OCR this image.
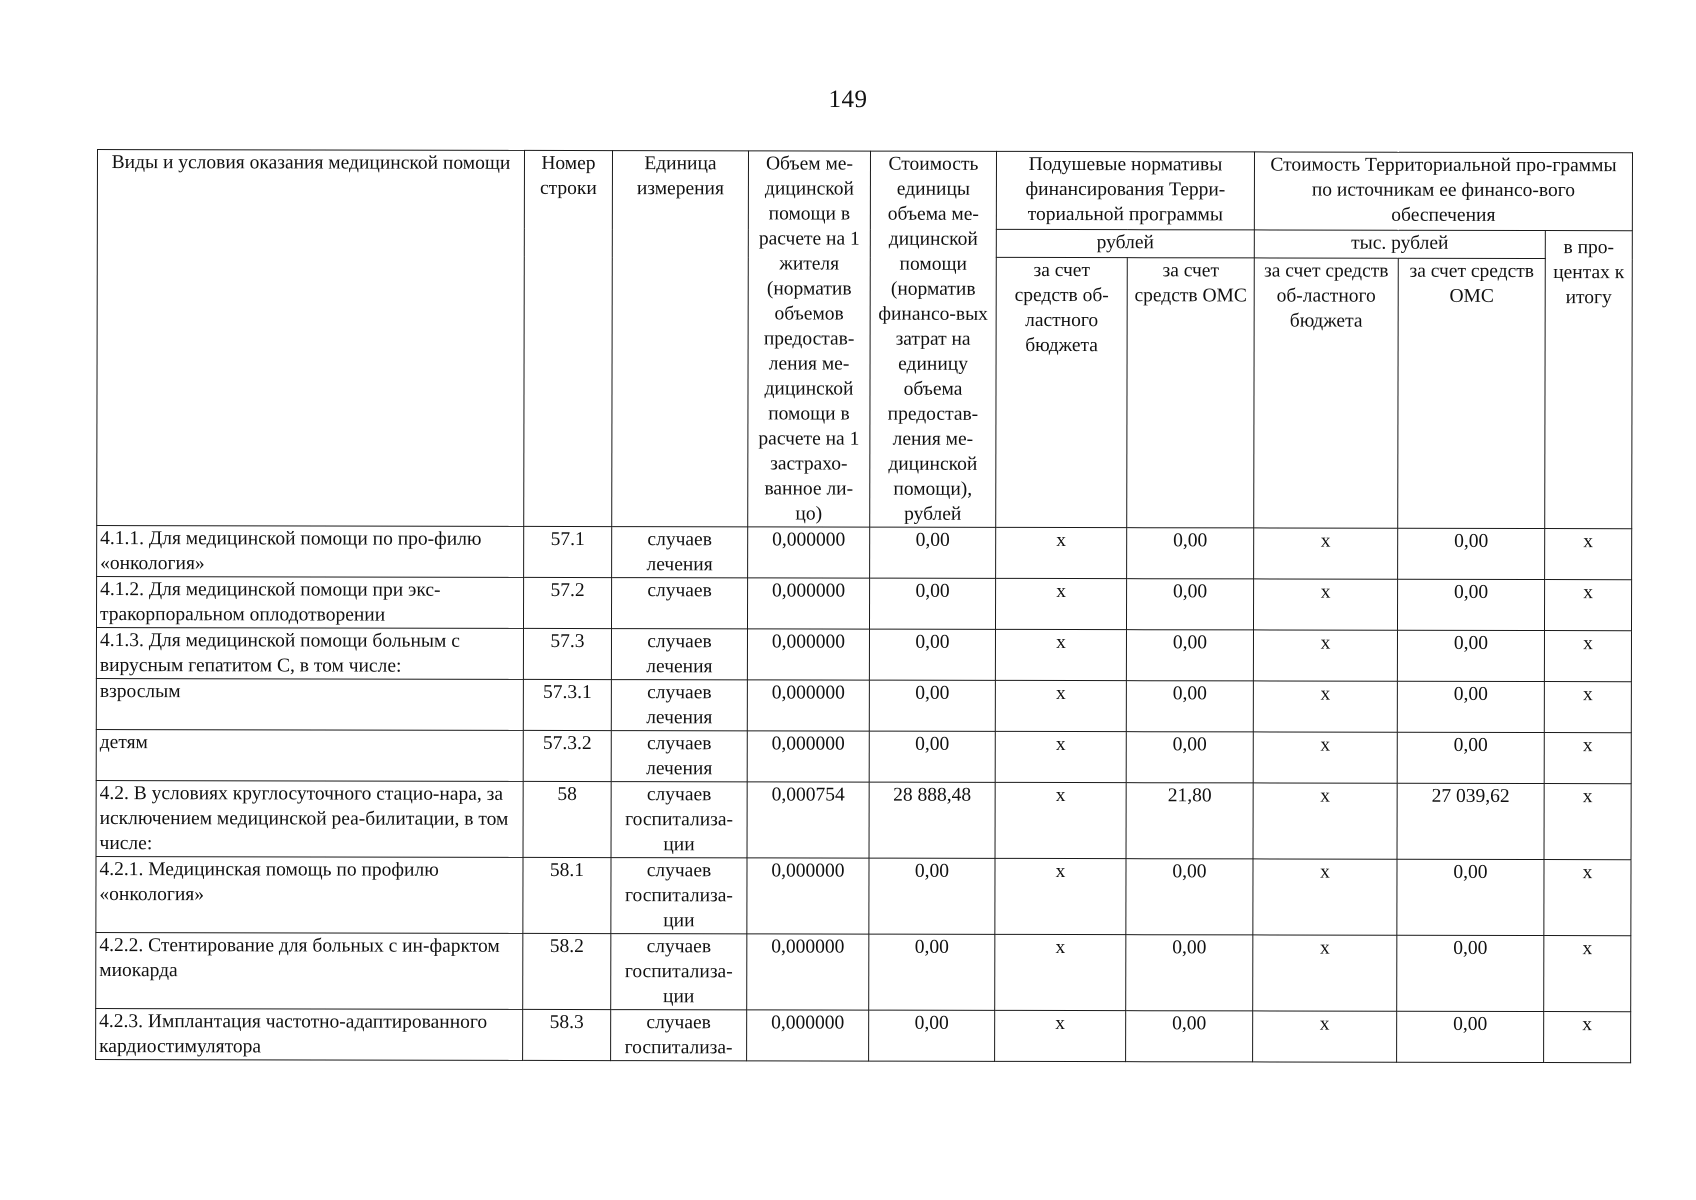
149
Виды и условия оказания медицинской помощи	Номер строки	Единица измерения	Объем ме-дицинской помощи в расчете на 1 жителя (норматив объемов предостав-ления ме-дицинской помощи в расчете на 1 застрахо-ванное ли-цо)	Стоимость единицы объема ме-дицинской помощи (норматив финансо-вых затрат на единицу объема предостав-ления ме-дицинской помощи), рублей	Подушевые нормативы финансирования Терри-ториальной программы		Стоимость Территориальной про-граммы по источникам ее финансо-вого обеспечения		
					рублей		тыс. рублей		в про-центах к итогу
					за счет средств об-ластного бюджета	за счет средств ОМС	за счет средств об-ластного бюджета	за счет средств ОМС	
4.1.1. Для медицинской помощи по про-филю «онкология»	57.1	случаев лечения	0,000000	0,00	х	0,00	х	0,00	х
4.1.2. Для медицинской помощи при экс-тракорпоральном оплодотворении	57.2	случаев	0,000000	0,00	х	0,00	х	0,00	х
4.1.3. Для медицинской помощи больным с вирусным гепатитом С, в том числе:	57.3	случаев лечения	0,000000	0,00	х	0,00	х	0,00	х
взрослым	57.3.1	случаев лечения	0,000000	0,00	х	0,00	х	0,00	х
детям	57.3.2	случаев лечения	0,000000	0,00	х	0,00	х	0,00	х
4.2. В условиях круглосуточного стацио-нара, за исключением медицинской реа-билитации, в том числе:	58	случаев госпитализа-ции	0,000754	28 888,48	х	21,80	х	27 039,62	х
4.2.1. Медицинская помощь по профилю «онкология»	58.1	случаев госпитализа-ции	0,000000	0,00	х	0,00	х	0,00	х
4.2.2. Стентирование для больных с ин-фарктом миокарда	58.2	случаев госпитализа-ции	0,000000	0,00	х	0,00	х	0,00	х
4.2.3. Имплантация частотно-адаптированного кардиостимулятора	58.3	случаев госпитализа-	0,000000	0,00	х	0,00	х	0,00	х
